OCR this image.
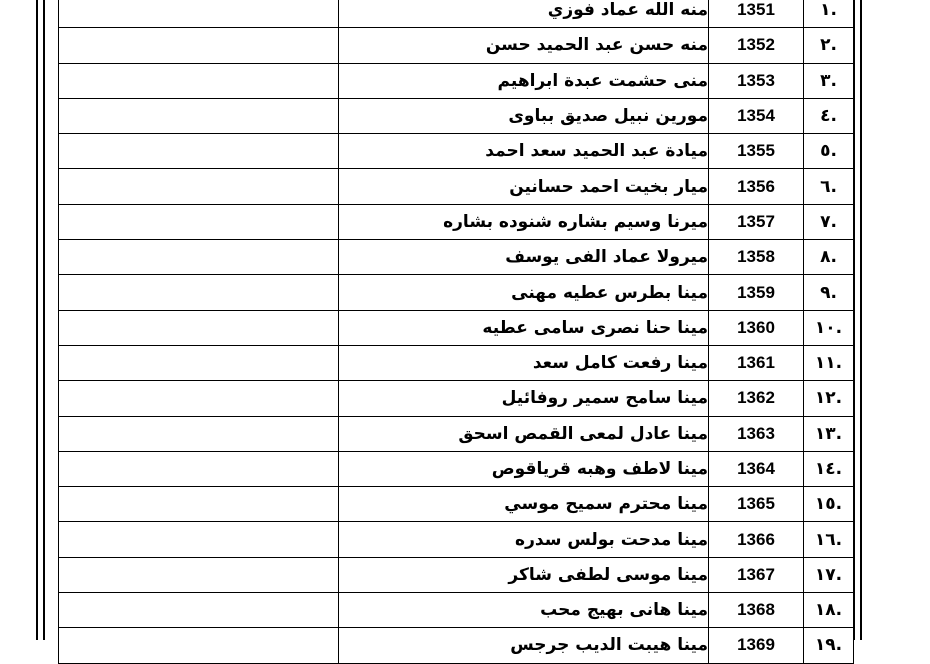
.١	1351	منه الله عماد فوزي	
.٢	1352	منه حسن عبد الحميد حسن	
.٣	1353	منى حشمت عبدة ابراهيم	
.٤	1354	مورين نبيل صديق بباوى	
.٥	1355	ميادة عبد الحميد سعد احمد	
.٦	1356	ميار بخيت احمد حسانين	
.٧	1357	ميرنا وسيم بشاره شنوده بشاره	
.٨	1358	ميرولا عماد الفى يوسف	
.٩	1359	مينا بطرس عطيه مهنى	
.١٠	1360	مينا حنا نصرى سامى عطيه	
.١١	1361	مينا رفعت كامل سعد	
.١٢	1362	مينا سامح سمير روفائيل	
.١٣	1363	مينا عادل لمعى القمص اسحق	
.١٤	1364	مينا لاطف وهبه قرياقوص	
.١٥	1365	مينا محترم سميح موسي	
.١٦	1366	مينا مدحت بولس سدره	
.١٧	1367	مينا موسى لطفى شاكر	
.١٨	1368	مينا هانى بهيج محب	
.١٩	1369	مينا هيبت الديب جرجس	
